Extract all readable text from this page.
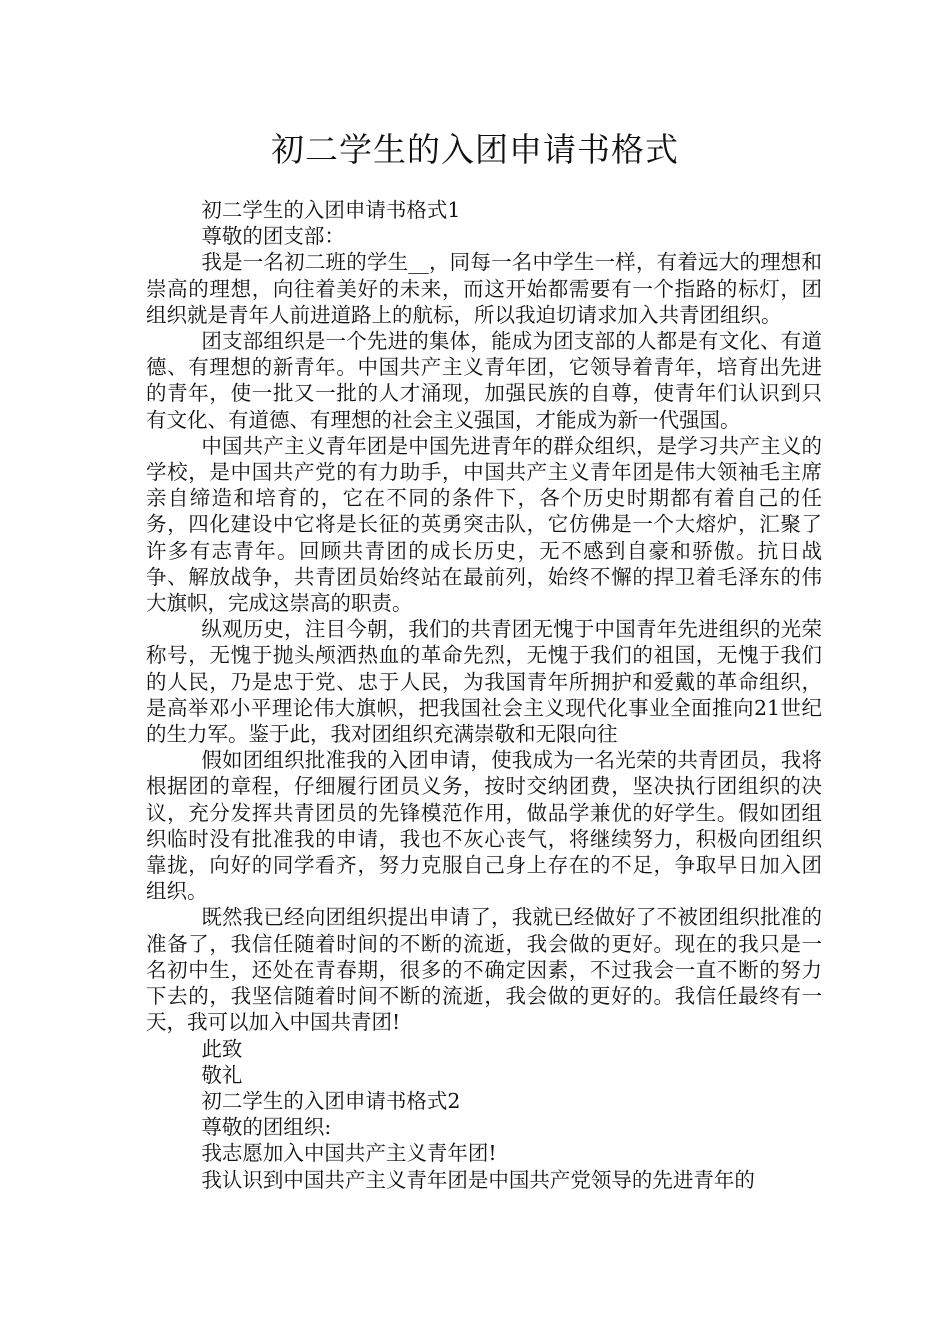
初二学生的入团申请书格式

初二学生的入团申请书格式1

尊敬的团支部：

我是一名初二班的学生__，同每一名中学生一样，有着远大的理想和崇高的理想，向往着美好的未来，而这开始都需要有一个指路的标灯，团组织就是青年人前进道路上的航标，所以我迫切请求加入共青团组织。

团支部组织是一个先进的集体，能成为团支部的人都是有文化、有道德、有理想的新青年。中国共产主义青年团，它领导着青年，培育出先进的青年，使一批又一批的人才涌现，加强民族的自尊，使青年们认识到只有文化、有道德、有理想的社会主义强国，才能成为新一代强国。

中国共产主义青年团是中国先进青年的群众组织，是学习共产主义的学校，是中国共产党的有力助手，中国共产主义青年团是伟大领袖毛主席亲自缔造和培育的，它在不同的条件下，各个历史时期都有着自己的任务，四化建设中它将是长征的英勇突击队，它仿佛是一个大熔炉，汇聚了许多有志青年。回顾共青团的成长历史，无不感到自豪和骄傲。抗日战争、解放战争，共青团员始终站在最前列，始终不懈的捍卫着毛泽东的伟大旗帜，完成这崇高的职责。

纵观历史，注目今朝，我们的共青团无愧于中国青年先进组织的光荣称号，无愧于抛头颅洒热血的革命先烈，无愧于我们的祖国，无愧于我们的人民，乃是忠于党、忠于人民，为我国青年所拥护和爱戴的革命组织，是高举邓小平理论伟大旗帜，把我国社会主义现代化事业全面推向21世纪的生力军。鉴于此，我对团组织充满崇敬和无限向往

假如团组织批准我的入团申请，使我成为一名光荣的共青团员，我将根据团的章程，仔细履行团员义务，按时交纳团费，坚决执行团组织的决议，充分发挥共青团员的先锋模范作用，做品学兼优的好学生。假如团组织临时没有批准我的申请，我也不灰心丧气，将继续努力，积极向团组织靠拢，向好的同学看齐，努力克服自己身上存在的不足，争取早日加入团组织。

既然我已经向团组织提出申请了，我就已经做好了不被团组织批准的准备了，我信任随着时间的不断的流逝，我会做的更好。现在的我只是一名初中生，还处在青春期，很多的不确定因素，不过我会一直不断的努力下去的，我坚信随着时间不断的流逝，我会做的更好的。我信任最终有一天，我可以加入中国共青团!

此致

敬礼

初二学生的入团申请书格式2

尊敬的团组织:

我志愿加入中国共产主义青年团!

我认识到中国共产主义青年团是中国共产党领导的先进青年的
